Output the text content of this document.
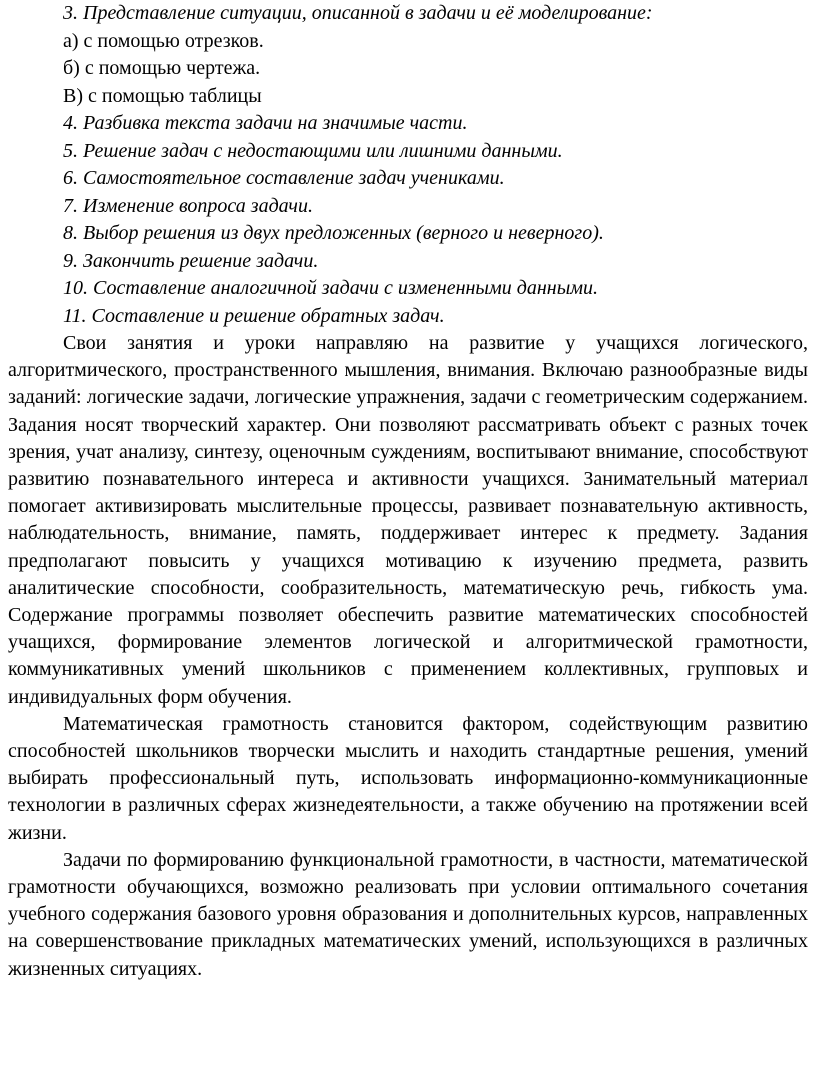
3. Представление ситуации, описанной в задачи и её моделирование:
а) с помощью отрезков.
б) с помощью чертежа.
В) с помощью таблицы
4. Разбивка текста задачи на значимые части.
5. Решение задач с недостающими или лишними данными.
6. Самостоятельное составление задач учениками.
7. Изменение вопроса задачи.
8. Выбор решения из двух предложенных (верного и неверного).
9. Закончить решение задачи.
10. Составление аналогичной задачи с измененными данными.
11. Составление и решение обратных задач.

Свои занятия и уроки направляю на развитие у учащихся логического, алгоритмического, пространственного мышления, внимания. Включаю разнообразные виды заданий: логические задачи, логические упражнения, задачи с геометрическим содержанием. Задания носят творческий характер. Они позволяют рассматривать объект с разных точек зрения, учат анализу, синтезу, оценочным суждениям, воспитывают внимание, способствуют развитию познавательного интереса и активности учащихся. Занимательный материал помогает активизировать мыслительные процессы, развивает познавательную активность, наблюдательность, внимание, память, поддерживает интерес к предмету. Задания предполагают повысить у учащихся мотивацию к изучению предмета, развить аналитические способности, сообразительность, математическую речь, гибкость ума. Содержание программы позволяет обеспечить развитие математических способностей учащихся, формирование элементов логической и алгоритмической грамотности, коммуникативных умений школьников с применением коллективных, групповых и индивидуальных форм обучения.

Математическая грамотность становится фактором, содействующим развитию способностей школьников творчески мыслить и находить стандартные решения, умений выбирать профессиональный путь, использовать информационно-коммуникационные технологии в различных сферах жизнедеятельности, а также обучению на протяжении всей жизни.

Задачи по формированию функциональной грамотности, в частности, математической грамотности обучающихся, возможно реализовать при условии оптимального сочетания учебного содержания базового уровня образования и дополнительных курсов, направленных на совершенствование прикладных математических умений, использующихся в различных жизненных ситуациях.
